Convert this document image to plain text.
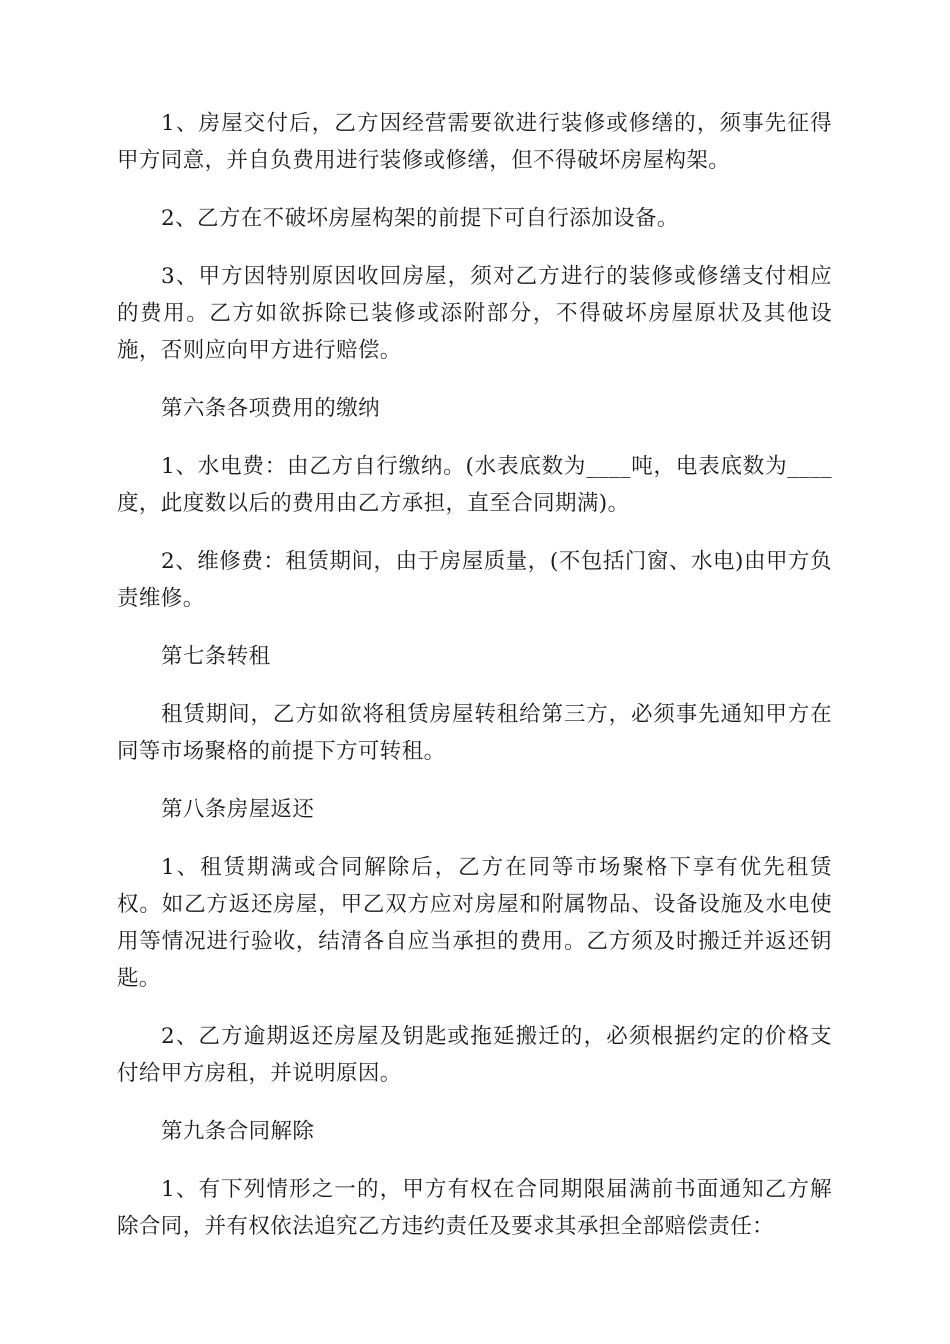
1、房屋交付后，乙方因经营需要欲进行装修或修缮的，须事先征得甲方同意，并自负费用进行装修或修缮，但不得破坏房屋构架。

2、乙方在不破坏房屋构架的前提下可自行添加设备。

3、甲方因特别原因收回房屋，须对乙方进行的装修或修缮支付相应的费用。乙方如欲拆除已装修或添附部分，不得破坏房屋原状及其他设施，否则应向甲方进行赔偿。

第六条各项费用的缴纳

1、水电费：由乙方自行缴纳。(水表底数为____吨，电表底数为____度，此度数以后的费用由乙方承担，直至合同期满)。

2、维修费：租赁期间，由于房屋质量，(不包括门窗、水电)由甲方负责维修。

第七条转租

租赁期间，乙方如欲将租赁房屋转租给第三方，必须事先通知甲方在同等市场聚格的前提下方可转租。

第八条房屋返还

1、租赁期满或合同解除后，乙方在同等市场聚格下享有优先租赁权。如乙方返还房屋，甲乙双方应对房屋和附属物品、设备设施及水电使用等情况进行验收，结清各自应当承担的费用。乙方须及时搬迁并返还钥匙。

2、乙方逾期返还房屋及钥匙或拖延搬迁的，必须根据约定的价格支付给甲方房租，并说明原因。

第九条合同解除

1、有下列情形之一的，甲方有权在合同期限届满前书面通知乙方解除合同，并有权依法追究乙方违约责任及要求其承担全部赔偿责任：
